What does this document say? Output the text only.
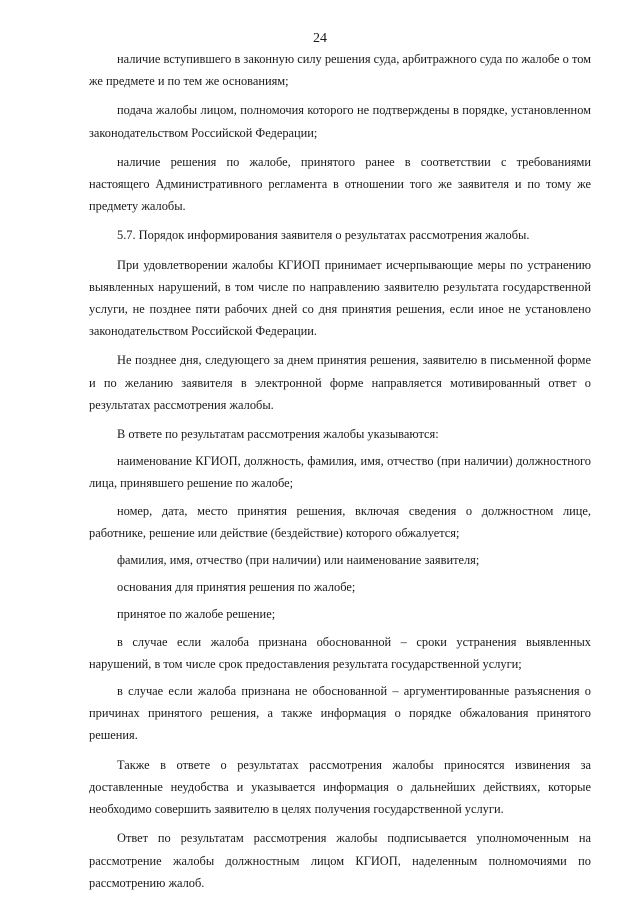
24

наличие вступившего в законную силу решения суда, арбитражного суда по жалобе о том же предмете и по тем же основаниям;

подача жалобы лицом, полномочия которого не подтверждены в порядке, установленном законодательством Российской Федерации;

наличие решения по жалобе, принятого ранее в соответствии с требованиями настоящего Административного регламента в отношении того же заявителя и по тому же предмету жалобы.

5.7. Порядок информирования заявителя о результатах рассмотрения жалобы.

При удовлетворении жалобы КГИОП принимает исчерпывающие меры по устранению выявленных нарушений, в том числе по направлению заявителю результата государственной услуги, не позднее пяти рабочих дней со дня принятия решения, если иное не установлено законодательством Российской Федерации.

Не позднее дня, следующего за днем принятия решения, заявителю в письменной форме и по желанию заявителя в электронной форме направляется мотивированный ответ о результатах рассмотрения жалобы.

В ответе по результатам рассмотрения жалобы указываются:

наименование КГИОП, должность, фамилия, имя, отчество (при наличии) должностного лица, принявшего решение по жалобе;

номер, дата, место принятия решения, включая сведения о должностном лице, работнике, решение или действие (бездействие) которого обжалуется;

фамилия, имя, отчество (при наличии) или наименование заявителя;

основания для принятия решения по жалобе;

принятое по жалобе решение;

в случае если жалоба признана обоснованной – сроки устранения выявленных нарушений, в том числе срок предоставления результата государственной услуги;

в случае если жалоба признана не обоснованной – аргументированные разъяснения о причинах принятого решения, а также информация о порядке обжалования принятого решения.

Также в ответе о результатах рассмотрения жалобы приносятся извинения за доставленные неудобства и указывается информация о дальнейших действиях, которые необходимо совершить заявителю в целях получения государственной услуги.

Ответ по результатам рассмотрения жалобы подписывается уполномоченным на рассмотрение жалобы должностным лицом КГИОП, наделенным полномочиями по рассмотрению жалоб.
